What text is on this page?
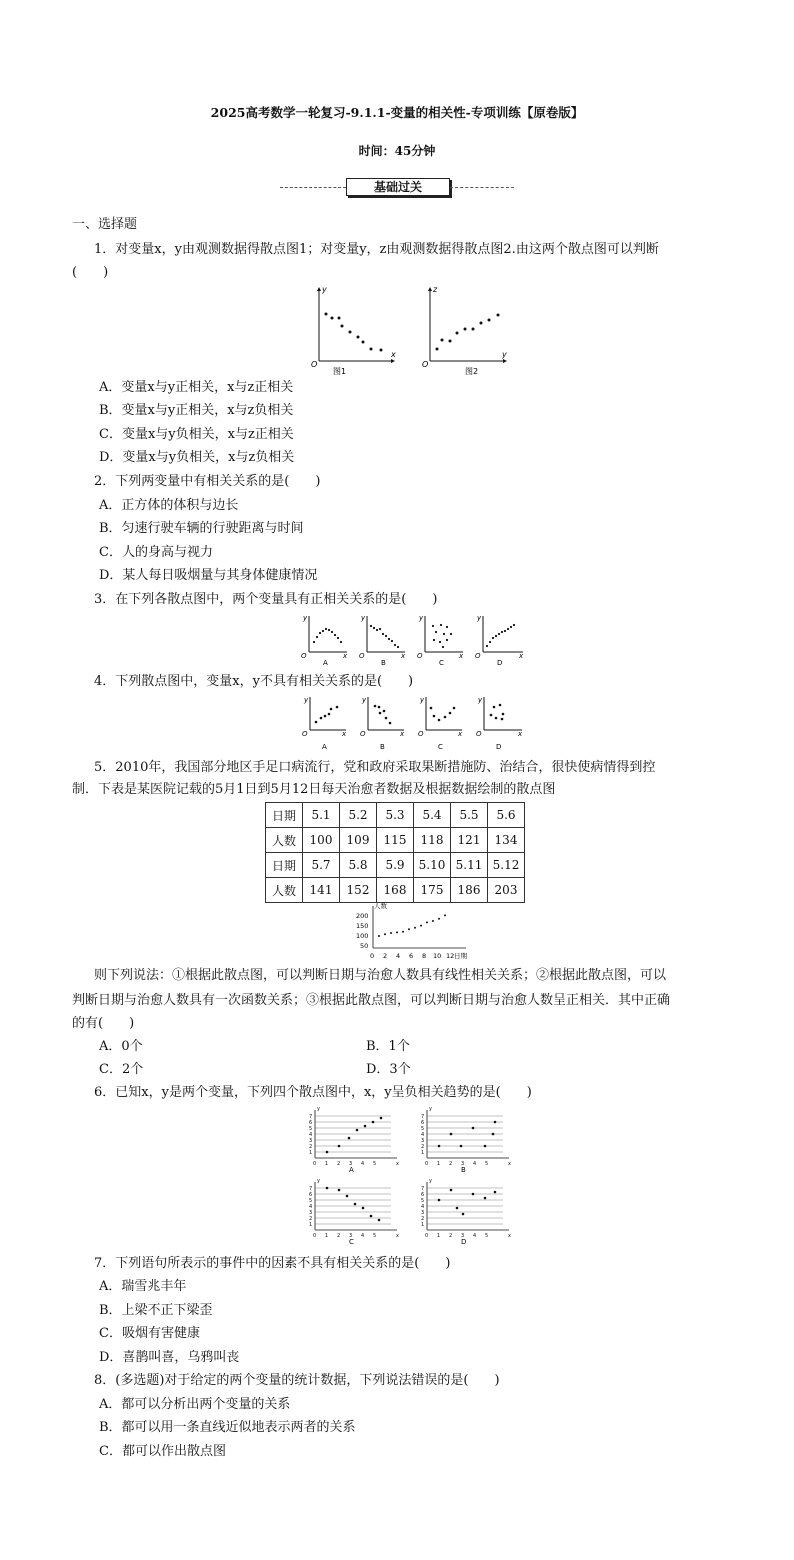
2025高考数学一轮复习-9.1.1-变量的相关性-专项训练【原卷版】
时间：45分钟
基础过关
一、选择题
1．对变量x，y由观测数据得散点图1；对变量y，z由观测数据得散点图2.由这两个散点图可以判断
(　　)
y
x
O
图1
z
y
O
图2
A．变量x与y正相关，x与z正相关
B．变量x与y正相关，x与z负相关
C．变量x与y负相关，x与z正相关
D．变量x与y负相关，x与z负相关
2．下列两变量中有相关关系的是(　　)
A．正方体的体积与边长
B．匀速行驶车辆的行驶距离与时间
C．人的身高与视力
D．某人每日吸烟量与其身体健康情况
3．在下列各散点图中，两个变量具有正相关关系的是(　　)
O
y
x
A
O
y
x
B
O
y
x
C
O
y
x
D
4．下列散点图中，变量x，y不具有相关关系的是(　　)
y
O	x
A
y
O	x
B
y
O	x
C
y
O	x
D
5．2010年，我国部分地区手足口病流行，党和政府采取果断措施防、治结合，很快使病情得到控
制．下表是某医院记载的5月1日到5月12日每天治愈者数据及根据数据绘制的散点图
日期	5.1	5.2	5.3	5.4	5.5	5.6
人数	100	109	115	118	121	134
日期	5.7	5.8	5.9	5.10	5.11	5.12
人数	141	152	168	175	186	203
人数
200
150
100
50
0 2 4 6 8 10 12 日期
则下列说法：①根据此散点图，可以判断日期与治愈人数具有线性相关关系；②根据此散点图，可以
判断日期与治愈人数具有一次函数关系；③根据此散点图，可以判断日期与治愈人数呈正相关．其中正确
的有(　　)
A．0个	B．1个
C．2个	D．3个
6．已知x，y是两个变量，下列四个散点图中，x，y呈负相关趋势的是(　　)
A	B
C	D
7．下列语句所表示的事件中的因素不具有相关关系的是(　　)
A．瑞雪兆丰年
B．上梁不正下梁歪
C．吸烟有害健康
D．喜鹊叫喜，乌鸦叫丧
8．(多选题)对于给定的两个变量的统计数据，下列说法错误的是(　　)
A．都可以分析出两个变量的关系
B．都可以用一条直线近似地表示两者的关系
C．都可以作出散点图
